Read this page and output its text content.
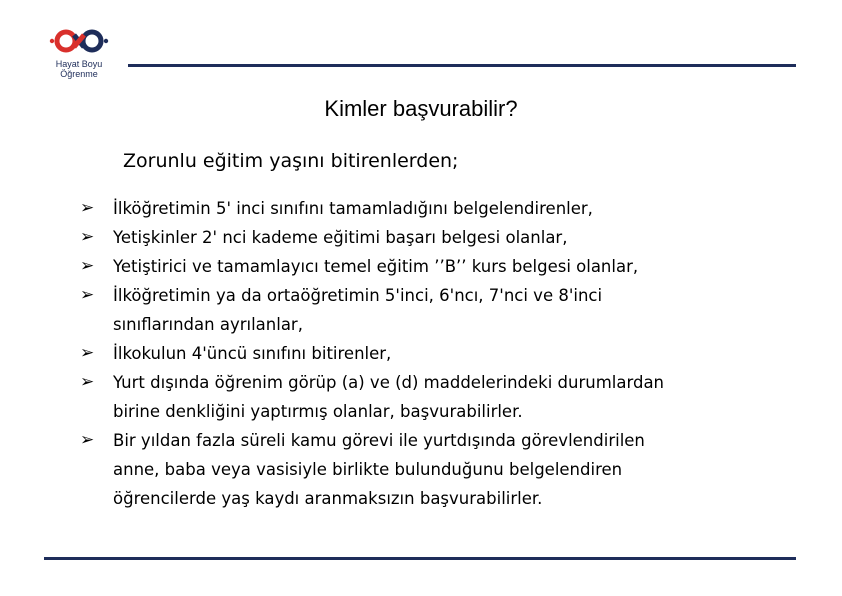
Hayat Boyu
Öğrenme
Kimler başvurabilir?
Zorunlu eğitim yaşını bitirenlerden;
➢ İlköğretimin 5' inci sınıfını tamamladığını belgelendirenler,
➢ Yetişkinler 2' nci kademe eğitimi başarı belgesi olanlar,
➢ Yetiştirici ve tamamlayıcı temel eğitim ’’B’’ kurs belgesi olanlar,
➢ İlköğretimin ya da ortaöğretimin 5'inci, 6'ncı, 7'nci ve 8'inci
sınıflarından ayrılanlar,
➢ İlkokulun 4'üncü sınıfını bitirenler,
➢ Yurt dışında öğrenim görüp (a) ve (d) maddelerindeki durumlardan
birine denkliğini yaptırmış olanlar, başvurabilirler.
➢ Bir yıldan fazla süreli kamu görevi ile yurtdışında görevlendirilen
anne, baba veya vasisiyle birlikte bulunduğunu belgelendiren
öğrencilerde yaş kaydı aranmaksızın başvurabilirler.
